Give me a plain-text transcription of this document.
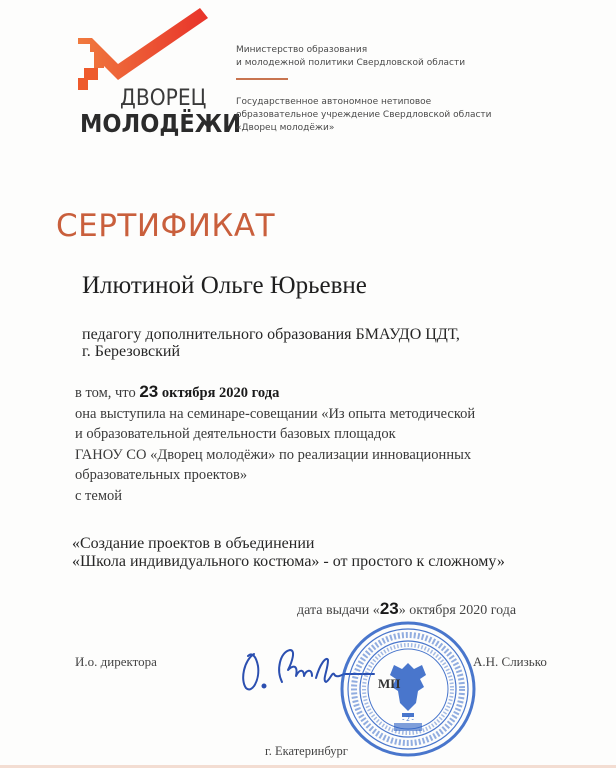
ДВОРЕЦ
МОЛОДЁЖИ
Министерство образования
и молодежной политики Свердловской области
Государственное автономное нетиповое
образовательное учреждение Свердловской области
«Дворец молодёжи»
СЕРТИФИКАТ
Илютиной Ольге Юрьевне
педагогу дополнительного образования БМАУДО ЦДТ,
г. Березовский
в том, что 23 октября 2020 года
она выступила на семинаре-совещании «Из опыта методической
и образовательной деятельности базовых площадок
ГАНОУ СО «Дворец молодёжи» по реализации инновационных
образовательных проектов»
с темой
«Создание проектов в объединении
«Школа индивидуального костюма» - от простого к сложному»
дата выдачи «23» октября 2020 года
И.о. директора
- 2 -
МП
А.Н. Слизько
г. Екатеринбург
